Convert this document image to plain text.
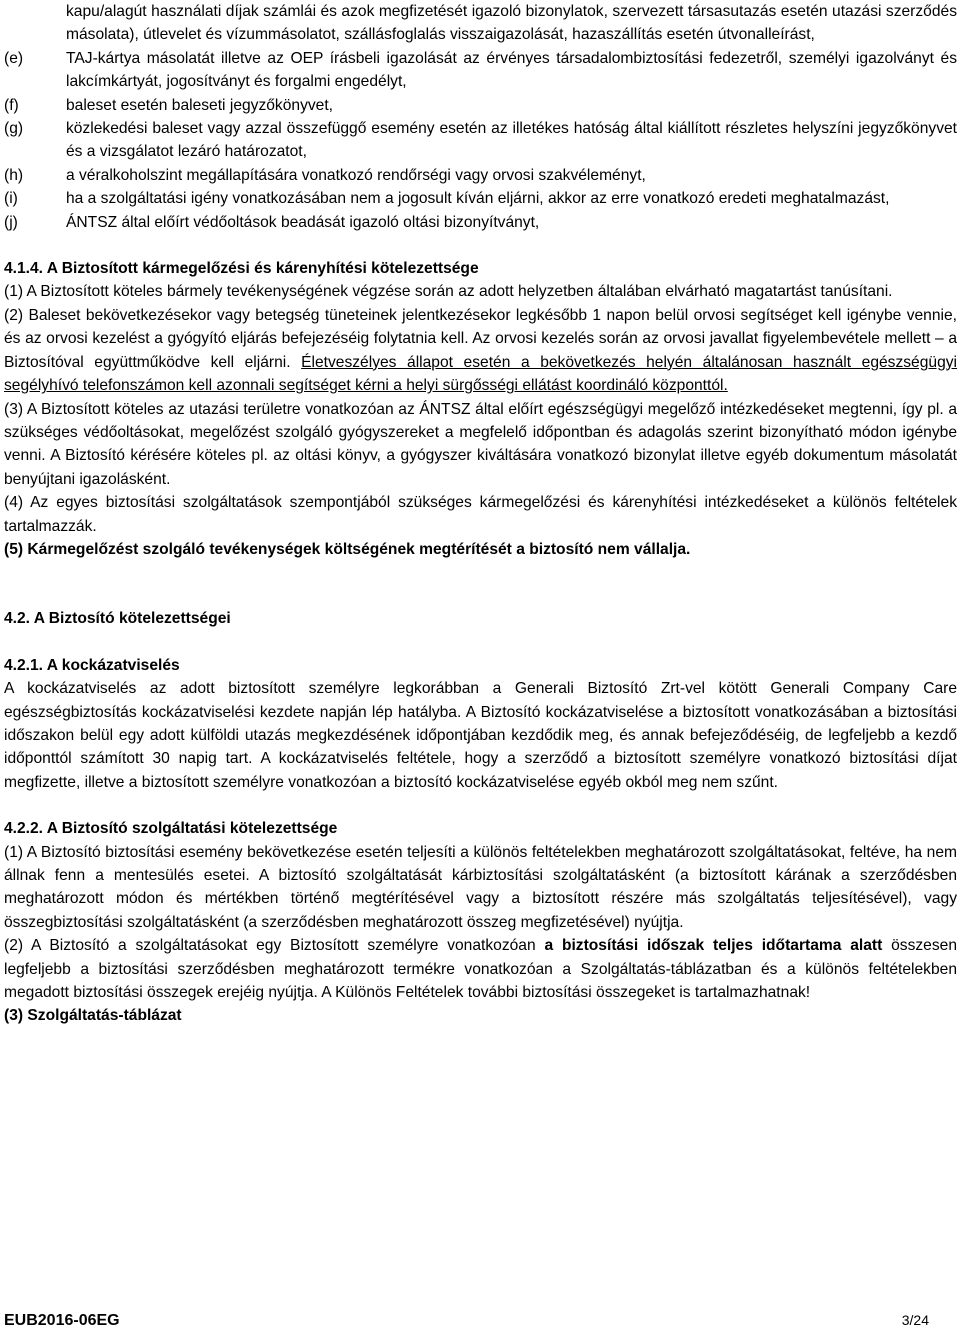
kapu/alagút használati díjak számlái és azok megfizetését igazoló bizonylatok, szervezett társasutazás esetén utazási szerződés másolata), útlevelet és vízummásolatot, szállásfoglalás visszaigazolását, hazaszállítás esetén útvonalleírást,

(e)	TAJ-kártya másolatát illetve az OEP írásbeli igazolását az érvényes társadalombiztosítási fedezetről, személyi igazolványt és lakcímkártyát, jogosítványt és forgalmi engedélyt,
(f)	baleset esetén baleseti jegyzőkönyvet,
(g)	közlekedési baleset vagy azzal összefüggő esemény esetén az illetékes hatóság által kiállított részletes helyszíni jegyzőkönyvet és a vizsgálatot lezáró határozatot,
(h)	a véralkoholszint megállapítására vonatkozó rendőrségi vagy orvosi szakvéleményt,
(i)	ha a szolgáltatási igény vonatkozásában nem a jogosult kíván eljárni, akkor az erre vonatkozó eredeti meghatalmazást,
(j)	ÁNTSZ által előírt védőoltások beadását igazoló oltási bizonyítványt,

4.1.4. A Biztosított kármegelőzési és kárenyhítési kötelezettsége

(1) A Biztosított köteles bármely tevékenységének végzése során az adott helyzetben általában elvárható magatartást tanúsítani.

(2) Baleset bekövetkezésekor vagy betegség tüneteinek jelentkezésekor legkésőbb 1 napon belül orvosi segítséget kell igénybe vennie, és az orvosi kezelést a gyógyító eljárás befejezéséig folytatnia kell. Az orvosi kezelés során az orvosi javallat figyelembevétele mellett – a Biztosítóval együttműködve kell eljárni. Életveszélyes állapot esetén a bekövetkezés helyén általánosan használt egészségügyi segélyhívó telefonszámon kell azonnali segítséget kérni a helyi sürgősségi ellátást koordináló központtól.

(3) A Biztosított köteles az utazási területre vonatkozóan az ÁNTSZ által előírt egészségügyi megelőző intézkedéseket megtenni, így pl. a szükséges védőoltásokat, megelőzést szolgáló gyógyszereket a megfelelő időpontban és adagolás szerint bizonyítható módon igénybe venni. A Biztosító kérésére köteles pl. az oltási könyv, a gyógyszer kiváltására vonatkozó bizonylat illetve egyéb dokumentum másolatát benyújtani igazolásként.

(4) Az egyes biztosítási szolgáltatások szempontjából szükséges kármegelőzési és kárenyhítési intézkedéseket a különös feltételek tartalmazzák.

(5) Kármegelőzést szolgáló tevékenységek költségének megtérítését a biztosító nem vállalja.

4.2. A Biztosító kötelezettségei

4.2.1. A kockázatviselés

A kockázatviselés az adott biztosított személyre legkorábban a Generali Biztosító Zrt-vel kötött Generali Company Care egészségbiztosítás kockázatviselési kezdete napján lép hatályba. A Biztosító kockázatviselése a biztosított vonatkozásában a biztosítási időszakon belül egy adott külföldi utazás megkezdésének időpontjában kezdődik meg, és annak befejeződéséig, de legfeljebb a kezdő időponttól számított 30 napig tart. A kockázatviselés feltétele, hogy a szerződő a biztosított személyre vonatkozó biztosítási díjat megfizette, illetve a biztosított személyre vonatkozóan a biztosító kockázatviselése egyéb okból meg nem szűnt.

4.2.2. A Biztosító szolgáltatási kötelezettsége

(1) A Biztosító biztosítási esemény bekövetkezése esetén teljesíti a különös feltételekben meghatározott szolgáltatásokat, feltéve, ha nem állnak fenn a mentesülés esetei. A biztosító szolgáltatását kárbiztosítási szolgáltatásként (a biztosított kárának a szerződésben meghatározott módon és mértékben történő megtérítésével vagy a biztosított részére más szolgáltatás teljesítésével), vagy összegbiztosítási szolgáltatásként (a szerződésben meghatározott összeg megfizetésével) nyújtja.

(2) A Biztosító a szolgáltatásokat egy Biztosított személyre vonatkozóan a biztosítási időszak teljes időtartama alatt összesen legfeljebb a biztosítási szerződésben meghatározott termékre vonatkozóan a Szolgáltatás-táblázatban és a különös feltételekben megadott biztosítási összegek erejéig nyújtja. A Különös Feltételek további biztosítási összegeket is tartalmazhatnak!

(3) Szolgáltatás-táblázat

EUB2016-06EG	3/24
